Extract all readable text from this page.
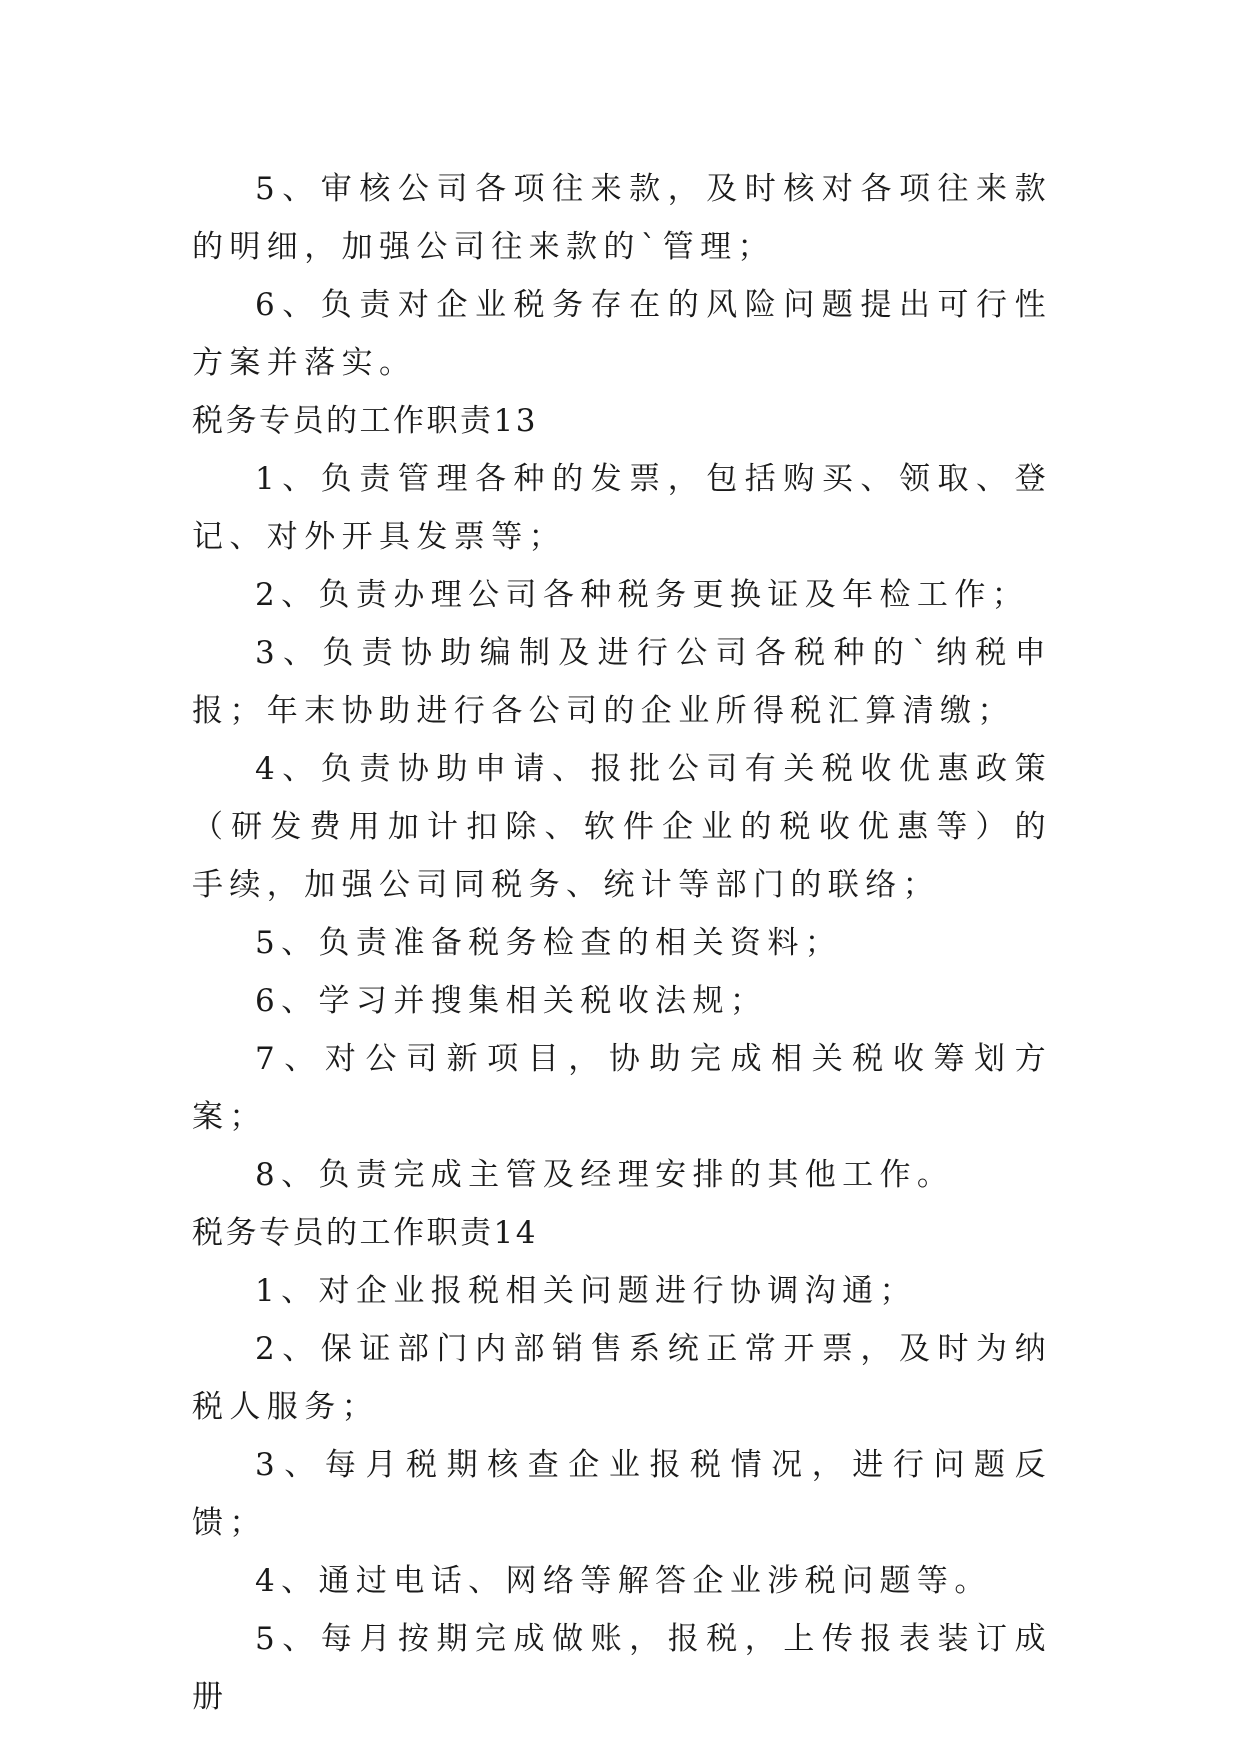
5、审核公司各项往来款，及时核对各项往来款的明细，加强公司往来款的`管理；

6、负责对企业税务存在的风险问题提出可行性方案并落实。

税务专员的工作职责13

1、负责管理各种的发票，包括购买、领取、登记、对外开具发票等；

2、负责办理公司各种税务更换证及年检工作；

3、负责协助编制及进行公司各税种的`纳税申报；年末协助进行各公司的企业所得税汇算清缴；

4、负责协助申请、报批公司有关税收优惠政策（研发费用加计扣除、软件企业的税收优惠等）的手续，加强公司同税务、统计等部门的联络；

5、负责准备税务检查的相关资料；

6、学习并搜集相关税收法规；

7、对公司新项目，协助完成相关税收筹划方案；

8、负责完成主管及经理安排的其他工作。

税务专员的工作职责14

1、对企业报税相关问题进行协调沟通；

2、保证部门内部销售系统正常开票，及时为纳税人服务；

3、每月税期核查企业报税情况，进行问题反馈；

4、通过电话、网络等解答企业涉税问题等。

5、每月按期完成做账，报税，上传报表装订成册
